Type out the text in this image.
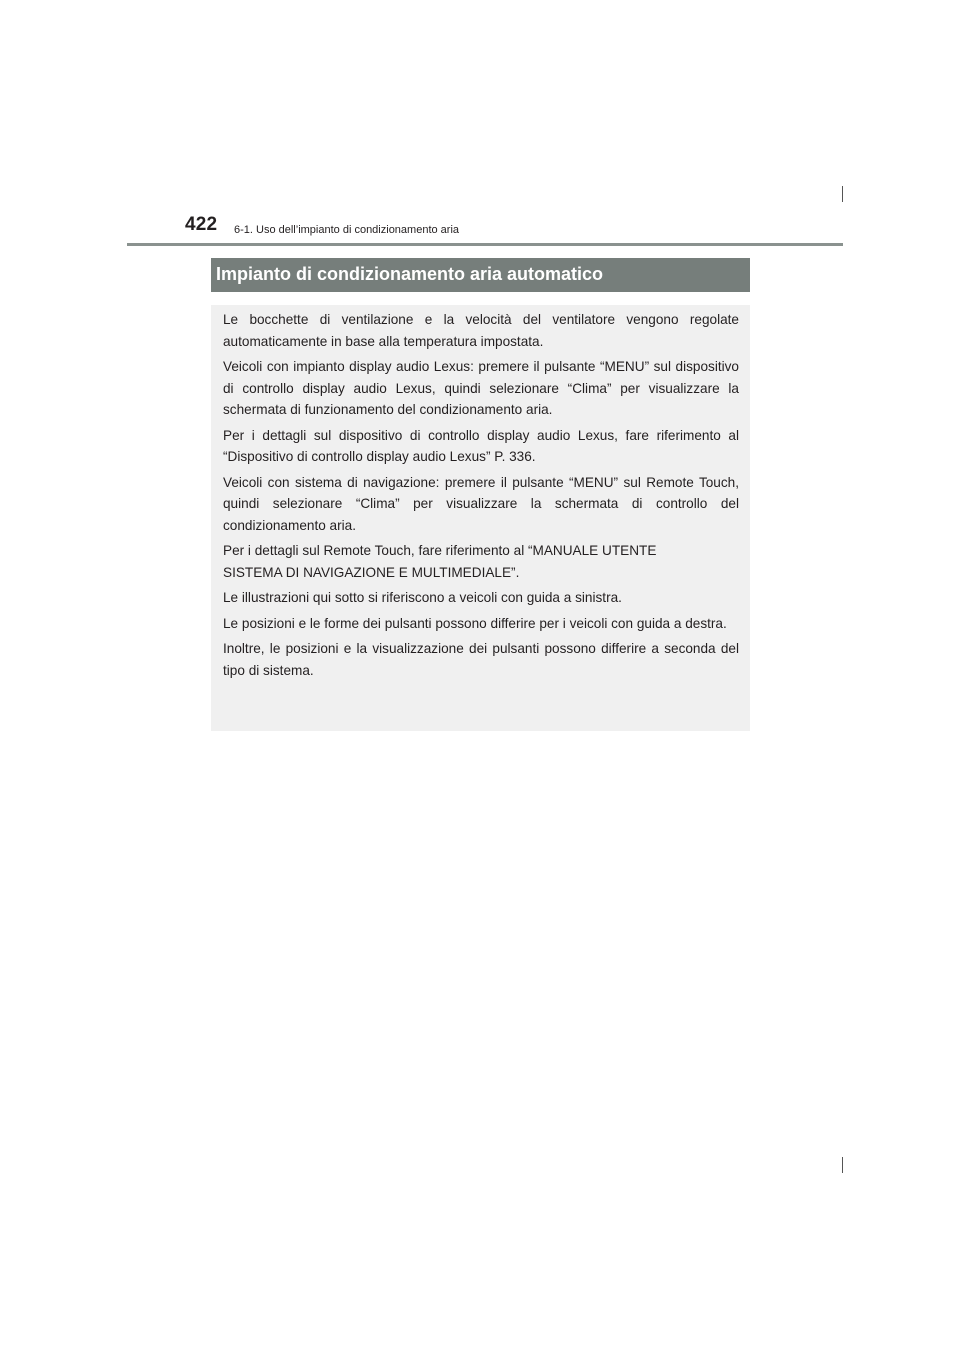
422 6-1. Uso dell’impianto di condizionamento aria
Impianto di condizionamento aria automatico

Le bocchette di ventilazione e la velocità del ventilatore vengono regolate automaticamente in base alla temperatura impostata.

Veicoli con impianto display audio Lexus: premere il pulsante “MENU” sul dispositivo di controllo display audio Lexus, quindi selezionare “Clima” per visualizzare la schermata di funzionamento del condizionamento aria.

Per i dettagli sul dispositivo di controllo display audio Lexus, fare riferimento al “Dispositivo di controllo display audio Lexus” P. 336.

Veicoli con sistema di navigazione: premere il pulsante “MENU” sul Remote Touch, quindi selezionare “Clima” per visualizzare la schermata di controllo del condizionamento aria.

Per i dettagli sul Remote Touch, fare riferimento al “MANUALE UTENTE
SISTEMA DI NAVIGAZIONE E MULTIMEDIALE”.

Le illustrazioni qui sotto si riferiscono a veicoli con guida a sinistra.

Le posizioni e le forme dei pulsanti possono differire per i veicoli con guida a destra.

Inoltre, le posizioni e la visualizzazione dei pulsanti possono differire a seconda del tipo di sistema.
